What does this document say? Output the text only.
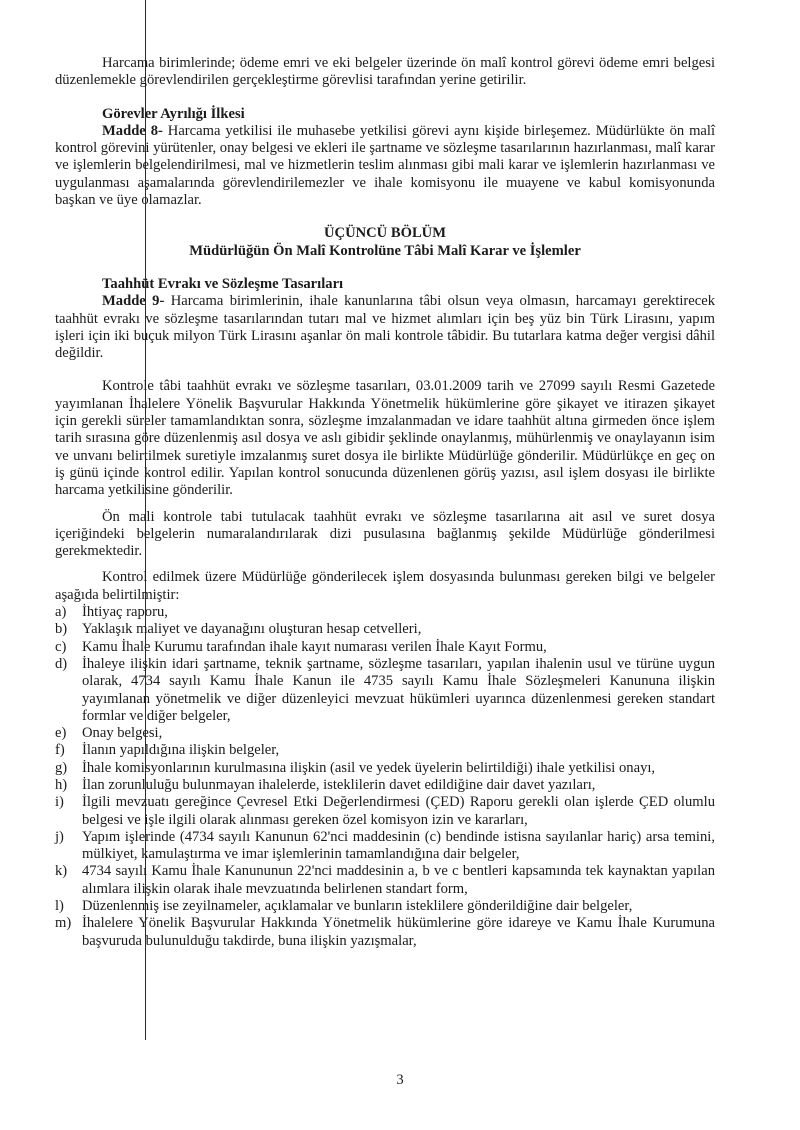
Harcama birimlerinde; ödeme emri ve eki belgeler üzerinde ön malî kontrol görevi ödeme emri belgesi düzenlemekle görevlendirilen gerçekleştirme görevlisi tarafından yerine getirilir.

Görevler Ayrılığı İlkesi

Madde 8- Harcama yetkilisi ile muhasebe yetkilisi görevi aynı kişide birleşemez. Müdürlükte ön malî kontrol görevini yürütenler, onay belgesi ve ekleri ile şartname ve sözleşme tasarılarının hazırlanması, malî karar ve işlemlerin belgelendirilmesi, mal ve hizmetlerin teslim alınması gibi mali karar ve işlemlerin hazırlanması ve uygulanması aşamalarında görevlendirilemezler ve ihale komisyonu ile muayene ve kabul komisyonunda başkan ve üye olamazlar.

ÜÇÜNCÜ BÖLÜM
Müdürlüğün Ön Malî Kontrolüne Tâbi Malî Karar ve İşlemler
Taahhüt Evrakı ve Sözleşme Tasarıları

Madde 9- Harcama birimlerinin, ihale kanunlarına tâbi olsun veya olmasın, harcamayı gerektirecek taahhüt evrakı ve sözleşme tasarılarından tutarı mal ve hizmet alımları için beş yüz bin Türk Lirasını, yapım işleri için iki buçuk milyon Türk Lirasını aşanlar ön mali kontrole tâbidir. Bu tutarlara katma değer vergisi dâhil değildir.

Kontrole tâbi taahhüt evrakı ve sözleşme tasarıları, 03.01.2009 tarih ve 27099 sayılı Resmi Gazetede yayımlanan İhalelere Yönelik Başvurular Hakkında Yönetmelik hükümlerine göre şikayet ve itirazen şikayet için gerekli süreler tamamlandıktan sonra, sözleşme imzalanmadan ve idare taahhüt altına girmeden önce işlem tarih sırasına göre düzenlenmiş asıl dosya ve aslı gibidir şeklinde onaylanmış, mühürlenmiş ve onaylayanın isim ve unvanı belirtilmek suretiyle imzalanmış suret dosya ile birlikte Müdürlüğe gönderilir. Müdürlükçe en geç on iş günü içinde kontrol edilir. Yapılan kontrol sonucunda düzenlenen görüş yazısı, asıl işlem dosyası ile birlikte harcama yetkilisine gönderilir.

Ön mali kontrole tabi tutulacak taahhüt evrakı ve sözleşme tasarılarına ait asıl ve suret dosya içeriğindeki belgelerin numaralandırılarak dizi pusulasına bağlanmış şekilde Müdürlüğe gönderilmesi gerekmektedir.

Kontrol edilmek üzere Müdürlüğe gönderilecek işlem dosyasında bulunması gereken bilgi ve belgeler aşağıda belirtilmiştir:

a)	İhtiyaç raporu,
b)	Yaklaşık maliyet ve dayanağını oluşturan hesap cetvelleri,
c)	Kamu İhale Kurumu tarafından ihale kayıt numarası verilen İhale Kayıt Formu,
d)	İhaleye ilişkin idari şartname, teknik şartname, sözleşme tasarıları, yapılan ihalenin usul ve türüne uygun olarak, 4734 sayılı Kamu İhale Kanun ile 4735 sayılı Kamu İhale Sözleşmeleri Kanununa ilişkin yayımlanan yönetmelik ve diğer düzenleyici mevzuat hükümleri uyarınca düzenlenmesi gereken standart formlar ve diğer belgeler,
e)	Onay belgesi,
f)	İlanın yapıldığına ilişkin belgeler,
g)	İhale komisyonlarının kurulmasına ilişkin (asil ve yedek üyelerin belirtildiği) ihale yetkilisi onayı,
h)	İlan zorunluluğu bulunmayan ihalelerde, isteklilerin davet edildiğine dair davet yazıları,
i)	İlgili mevzuatı gereğince Çevresel Etki Değerlendirmesi (ÇED) Raporu gerekli olan işlerde ÇED olumlu belgesi ve işle ilgili olarak alınması gereken özel komisyon izin ve kararları,
j)	Yapım işlerinde (4734 sayılı Kanunun 62'nci maddesinin (c) bendinde istisna sayılanlar hariç) arsa temini, mülkiyet, kamulaştırma ve imar işlemlerinin tamamlandığına dair belgeler,
k)	4734 sayılı Kamu İhale Kanununun 22'nci maddesinin a, b ve c bentleri kapsamında tek kaynaktan yapılan alımlara ilişkin olarak ihale mevzuatında belirlenen standart form,
l)	Düzenlenmiş ise zeyilnameler, açıklamalar ve bunların isteklilere gönderildiğine dair belgeler,
m) İhalelere Yönelik Başvurular Hakkında Yönetmelik hükümlerine göre idareye ve Kamu İhale Kurumuna başvuruda bulunulduğu takdirde, buna ilişkin yazışmalar,
3
